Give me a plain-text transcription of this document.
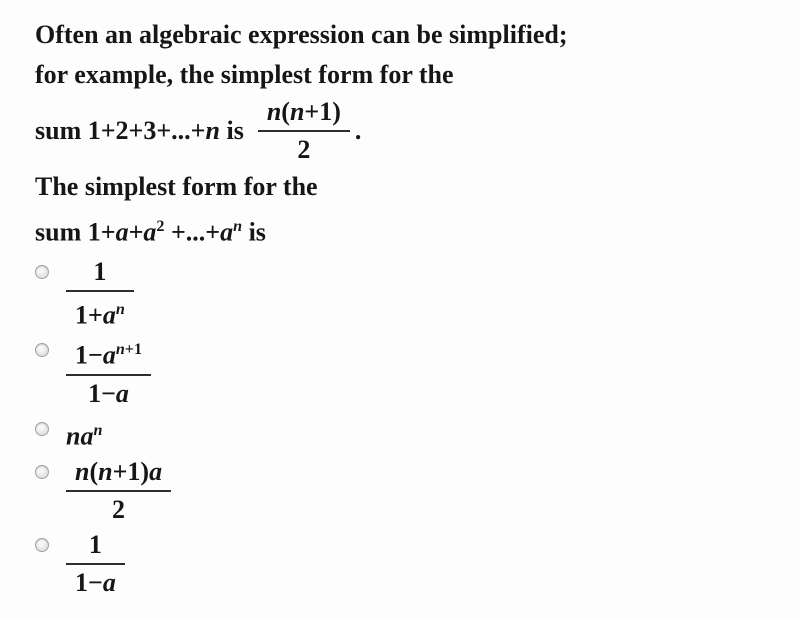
Often an algebraic expression can be simplified;
for example, the simplest form for the
sum 1+2+3+...+n is $\frac{n(n+1)}{2}$ .
The simplest form for the
sum $1+a+a^2 +...+a^n$ is
$\frac{1}{1+a^n}$
$\frac{1-a^{n+1}}{1-a}$
$na^n$
$\frac{n(n+1)a}{2}$
$\frac{1}{1-a}$
